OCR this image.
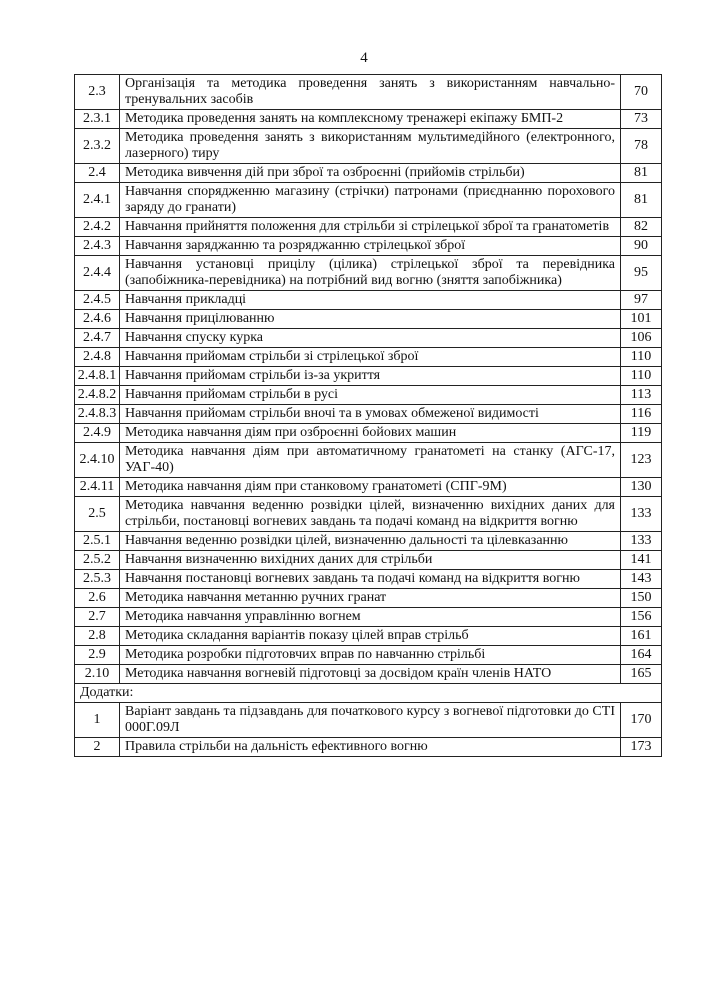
4
2.3	Організація та методика проведення занять з використанням навчально-тренувальних засобів	70
2.3.1	Методика проведення занять на комплексному тренажері екіпажу БМП-2	73
2.3.2	Методика проведення занять з використанням мультимедійного (електронного, лазерного) тиру	78
2.4	Методика вивчення дій при зброї та озброєнні (прийомів стрільби)	81
2.4.1	Навчання спорядженню магазину (стрічки) патронами (приєднанню порохового заряду до гранати)	81
2.4.2	Навчання прийняття положення для стрільби зі стрілецької зброї та гранатометів	82
2.4.3	Навчання заряджанню та розряджанню стрілецької зброї	90
2.4.4	Навчання установці прицілу (цілика) стрілецької зброї та перевідника (запобіжника-перевідника) на потрібний вид вогню (зняття запобіжника)	95
2.4.5	Навчання прикладці	97
2.4.6	Навчання прицілюванню	101
2.4.7	Навчання спуску курка	106
2.4.8	Навчання прийомам стрільби зі стрілецької зброї	110
2.4.8.1	Навчання прийомам стрільби із-за укриття	110
2.4.8.2	Навчання прийомам стрільби в русі	113
2.4.8.3	Навчання прийомам стрільби вночі та в умовах обмеженої видимості	116
2.4.9	Методика навчання діям при озброєнні бойових машин	119
2.4.10	Методика навчання діям при автоматичному гранатометі на станку (АГС-17, УАГ-40)	123
2.4.11	Методика навчання діям при станковому гранатометі (СПГ-9М)	130
2.5	Методика навчання веденню розвідки цілей, визначенню вихідних даних для стрільби, постановці вогневих завдань та подачі команд на відкриття вогню	133
2.5.1	Навчання веденню розвідки цілей, визначенню дальності та цілевказанню	133
2.5.2	Навчання визначенню вихідних даних для стрільби	141
2.5.3	Навчання постановці вогневих завдань та подачі команд на відкриття вогню	143
2.6	Методика навчання метанню ручних гранат	150
2.7	Методика навчання управлінню вогнем	156
2.8	Методика складання варіантів показу цілей вправ стрільб	161
2.9	Методика розробки підготовчих вправ по навчанню стрільбі	164
2.10	Методика навчання вогневій підготовці за досвідом країн членів НАТО	165
Додатки:		
1	Варіант завдань та підзавдань для початкового курсу з вогневої підготовки до СТІ 000Г.09Л	170
2	Правила стрільби на дальність ефективного вогню	173
